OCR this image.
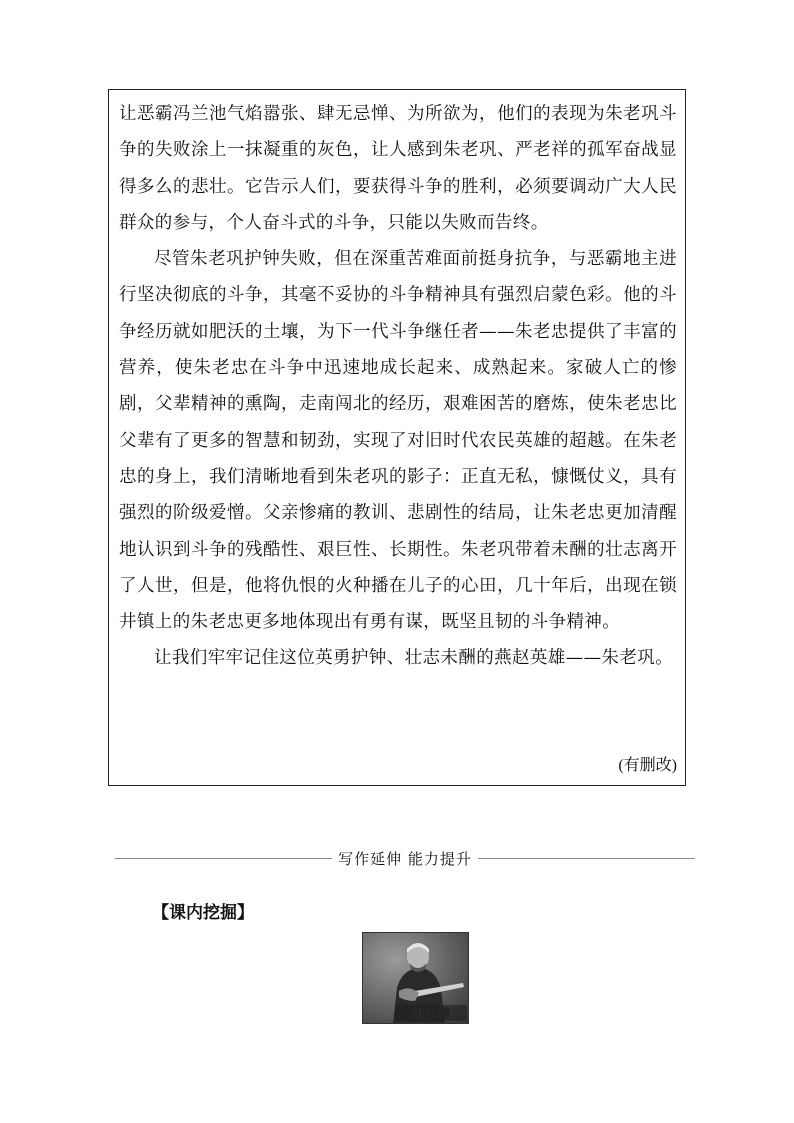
让恶霸冯兰池气焰嚣张、肆无忌惮、为所欲为，他们的表现为朱老巩斗争的失败涂上一抹凝重的灰色，让人感到朱老巩、严老祥的孤军奋战显得多么的悲壮。它告示人们，要获得斗争的胜利，必须要调动广大人民群众的参与，个人奋斗式的斗争，只能以失败而告终。

尽管朱老巩护钟失败，但在深重苦难面前挺身抗争，与恶霸地主进行坚决彻底的斗争，其毫不妥协的斗争精神具有强烈启蒙色彩。他的斗争经历就如肥沃的土壤，为下一代斗争继任者——朱老忠提供了丰富的营养，使朱老忠在斗争中迅速地成长起来、成熟起来。家破人亡的惨剧，父辈精神的熏陶，走南闯北的经历，艰难困苦的磨炼，使朱老忠比父辈有了更多的智慧和韧劲，实现了对旧时代农民英雄的超越。在朱老忠的身上，我们清晰地看到朱老巩的影子：正直无私，慷慨仗义，具有强烈的阶级爱憎。父亲惨痛的教训、悲剧性的结局，让朱老忠更加清醒地认识到斗争的残酷性、艰巨性、长期性。朱老巩带着未酬的壮志离开了人世，但是，他将仇恨的火种播在儿子的心田，几十年后，出现在锁井镇上的朱老忠更多地体现出有勇有谋，既坚且韧的斗争精神。

让我们牢牢记住这位英勇护钟、壮志未酬的燕赵英雄——朱老巩。

(有删改)
写作延伸 能力提升
【课内挖掘】
红旗谱
